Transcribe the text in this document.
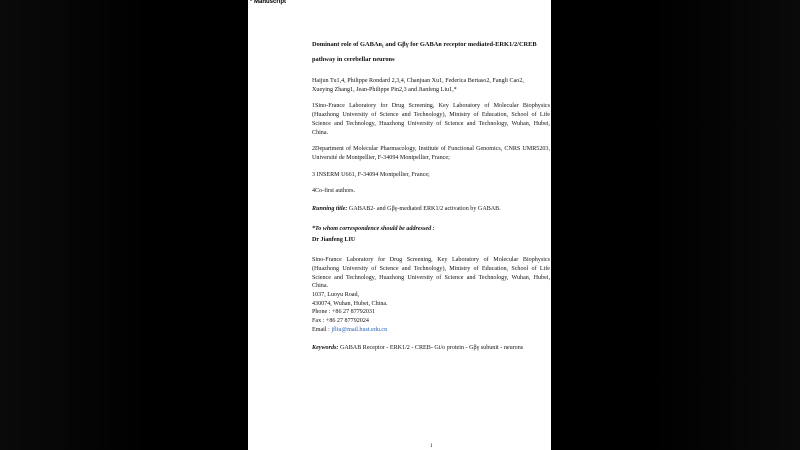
* Manuscript
Dominant role of GABAʙ₁ and Gβγ for GABAʙ receptor mediated-ERK1/2/CREB
pathway in cerebellar neurons
Haijun Tu1,4, Philippe Rondard 2,3,4, Chanjuan Xu1, Federica Bertaso2, Fangli Cao2,
Xueying Zhang1, Jean-Philippe Pin2,3 and Jianfeng Liu1,*
1Sino-France Laboratory for Drug Screening, Key Laboratory of Molecular Biophysics (Huazhong University of Science and Technology), Ministry of Education, School of Life Science and Technology, Huazhong University of Science and Technology, Wuhan, Hubei, China.
2Department of Molecular Pharmacology, Institute of Functional Genomics, CNRS UMR5203, Université de Montpellier, F-34094 Montpellier, France;
3 INSERM U661, F-34094 Montpellier, France;
4Co-first authors.
Running title: GABAB2- and Gβγ-mediated ERK1/2 activation by GABAB.
*To whom correspondence should be addressed :
Dr Jianfeng LIU
Sino-France Laboratory for Drug Screening, Key Laboratory of Molecular Biophysics (Huazhong University of Science and Technology), Ministry of Education, School of Life Science and Technology, Huazhong University of Science and Technology, Wuhan, Hubei, China.
1037, Luoyu Road,
430074, Wuhan, Hubei, China.
Phone : +86 27 87792031
Fax : +86 27 87792024
Email : jfliu@mail.hust.edu.cn
Keywords: GABAB Receptor - ERK1/2 - CREB- Gi/o protein - Gβγ subunit - neurons
1
